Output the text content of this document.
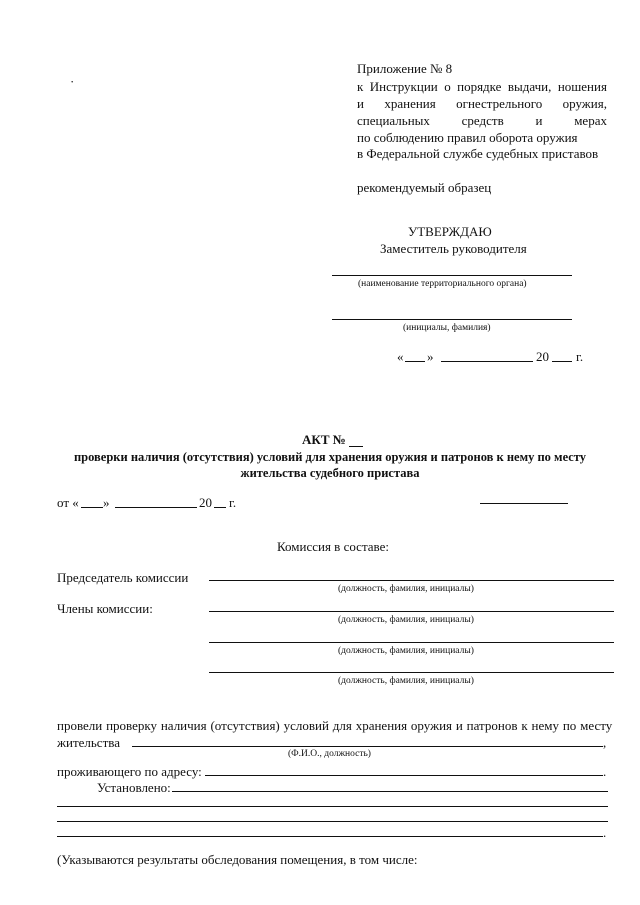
·
Приложение № 8
к Инструкции о порядке выдачи, ношения
и хранения огнестрельного оружия,
специальных средств и мерах
по соблюдению правил оборота оружия
в Федеральной службе судебных приставов
рекомендуемый образец
УТВЕРЖДАЮ
Заместитель руководителя
(наименование территориального органа)
(инициалы, фамилия)
« »	20 г.
АКТ №
проверки наличия (отсутствия) условий для хранения оружия и патронов к нему по месту
жительства судебного пристава
от « »	20 г.
Комиссия в составе:
Председатель комиссии
(должность, фамилия, инициалы)
Члены комиссии:
(должность, фамилия, инициалы)
(должность, фамилия, инициалы)
(должность, фамилия, инициалы)
провели проверку наличия (отсутствия) условий для хранения оружия и патронов к нему по месту
жительства	,
(Ф.И.О., должность)
проживающего по адресу:	.
Установлено:
.
(Указываются результаты обследования помещения, в том числе:
